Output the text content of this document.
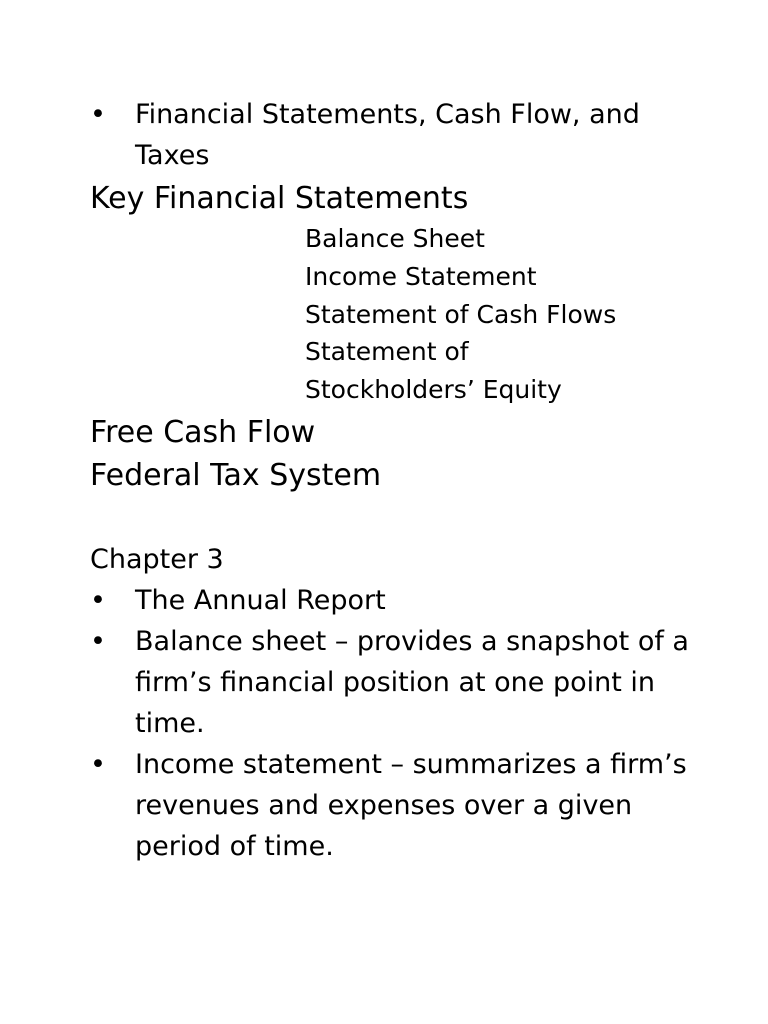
•	Financial Statements, Cash Flow, and Taxes
Key Financial Statements
Balance Sheet
Income Statement
Statement of Cash Flows
Statement of Stockholders’ Equity
Free Cash Flow
Federal Tax System
Chapter 3
•	The Annual Report
•	Balance sheet – provides a snapshot of a firm’s financial position at one point in time.
•	Income statement – summarizes a firm’s revenues and expenses over a given period of time.
